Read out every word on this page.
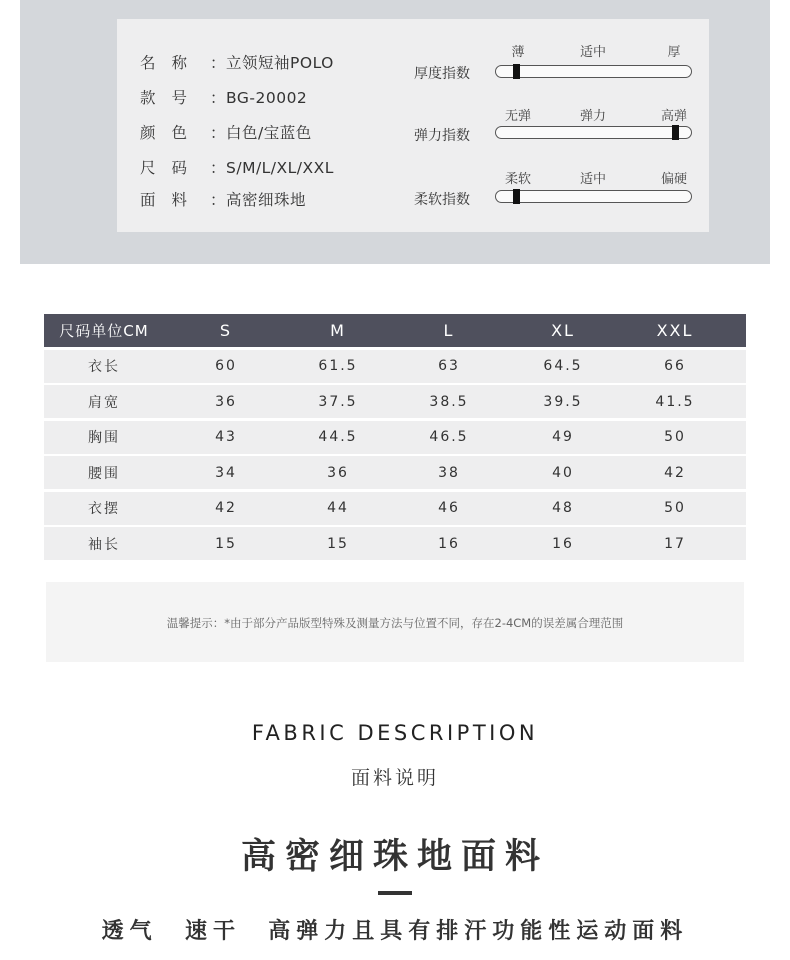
名称 ：立领短袖POLO
款号 ：BG-20002
颜色 ：白色/宝蓝色
尺码 ：S/M/L/XL/XXL
面料 ：高密细珠地
厚度指数
薄	适中	厚
弹力指数
无弹	弹力	高弹
柔软指数
柔软	适中	偏硬
尺码单位CM	S	M	L	XL	XXL
衣长	60	61.5	63	64.5	66
肩宽	36	37.5	38.5	39.5	41.5
胸围	43	44.5	46.5	49	50
腰围	34	36	38	40	42
衣摆	42	44	46	48	50
袖长	15	15	16	16	17
温馨提示：*由于部分产品版型特殊及测量方法与位置不同，存在2-4CM的误差属合理范围
FABRIC DESCRIPTION
面料说明
高密细珠地面料
透气  速干  高弹力且具有排汗功能性运动面料
